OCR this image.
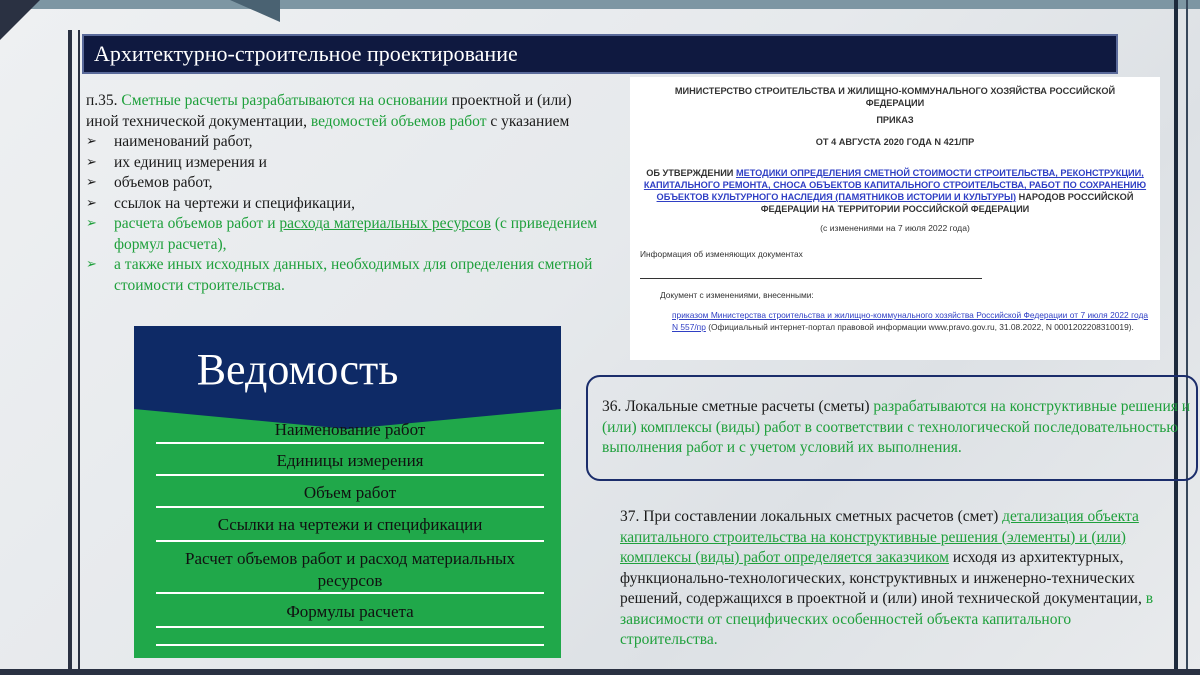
Архитектурно-строительное проектирование
п.35. Сметные расчеты разрабатываются на основании проектной и (или) иной технической документации, ведомостей объемов работ с указанием
➢ наименований работ,
➢ их единиц измерения и
➢ объемов работ,
➢ ссылок на чертежи и спецификации,
➢ расчета объемов работ и расхода материальных ресурсов (с приведением формул расчета),
➢ а также иных исходных данных, необходимых для определения сметной стоимости строительства.
Ведомость
Наименование работ
Единицы измерения
Объем работ
Ссылки на чертежи и спецификации
Расчет объемов работ и расход материальных ресурсов
Формулы расчета
МИНИСТЕРСТВО СТРОИТЕЛЬСТВА И ЖИЛИЩНО-КОММУНАЛЬНОГО ХОЗЯЙСТВА РОССИЙСКОЙ ФЕДЕРАЦИИ
ПРИКАЗ
ОТ 4 АВГУСТА 2020 ГОДА N 421/ПР
ОБ УТВЕРЖДЕНИИ МЕТОДИКИ ОПРЕДЕЛЕНИЯ СМЕТНОЙ СТОИМОСТИ СТРОИТЕЛЬСТВА, РЕКОНСТРУКЦИИ, КАПИТАЛЬНОГО РЕМОНТА, СНОСА ОБЪЕКТОВ КАПИТАЛЬНОГО СТРОИТЕЛЬСТВА, РАБОТ ПО СОХРАНЕНИЮ ОБЪЕКТОВ КУЛЬТУРНОГО НАСЛЕДИЯ (ПАМЯТНИКОВ ИСТОРИИ И КУЛЬТУРЫ) НАРОДОВ РОССИЙСКОЙ ФЕДЕРАЦИИ НА ТЕРРИТОРИИ РОССИЙСКОЙ ФЕДЕРАЦИИ
(с изменениями на 7 июля 2022 года)
Информация об изменяющих документах
Документ с изменениями, внесенными:
приказом Министерства строительства и жилищно-коммунального хозяйства Российской Федерации от 7 июля 2022 года N 557/пр (Официальный интернет-портал правовой информации www.pravo.gov.ru, 31.08.2022, N 0001202208310019).
36. Локальные сметные расчеты (сметы) разрабатываются на конструктивные решения и (или) комплексы (виды) работ в соответствии с технологической последовательностью выполнения работ и с учетом условий их выполнения.
37. При составлении локальных сметных расчетов (смет) детализация объекта капитального строительства на конструктивные решения (элементы) и (или) комплексы (виды) работ определяется заказчиком исходя из архитектурных, функционально-технологических, конструктивных и инженерно-технических решений, содержащихся в проектной и (или) иной технической документации, в зависимости от специфических особенностей объекта капитального строительства.
